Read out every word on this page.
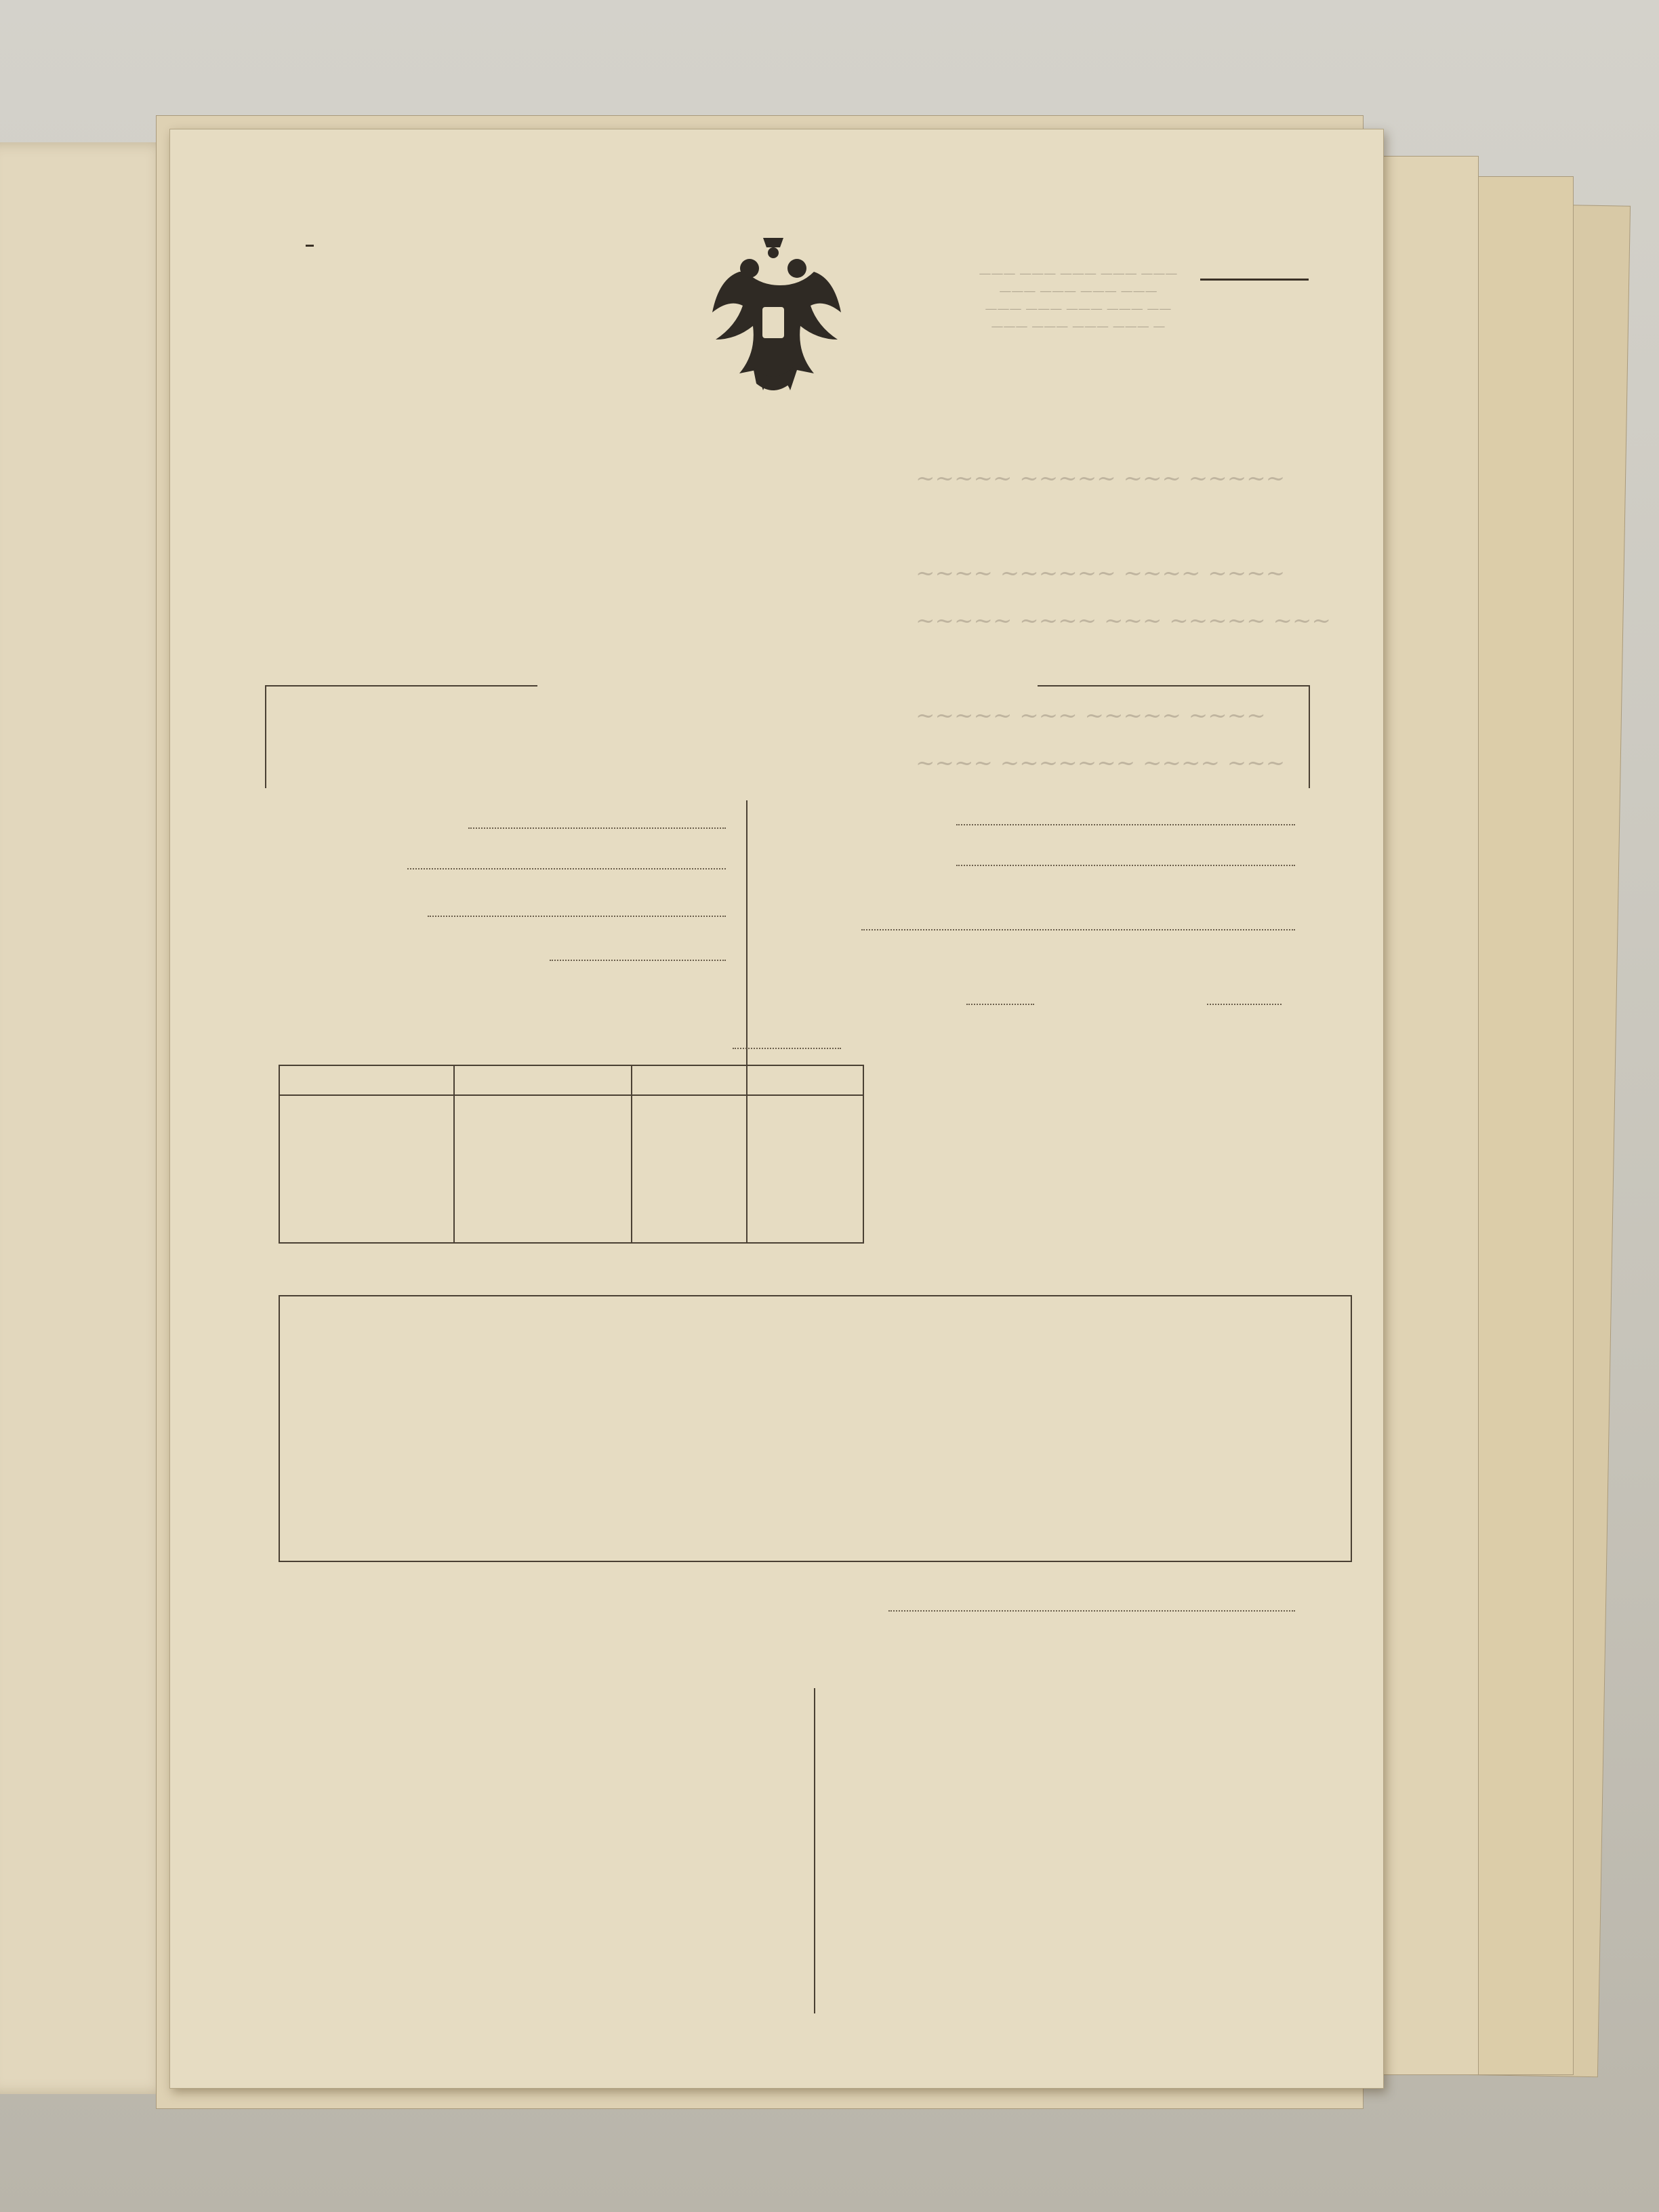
~~~~~ ~~~~~ ~~~ ~~~~~

~~~~ ~~~~~~ ~~~~ ~~~~
~~~~~ ~~~~ ~~~ ~~~~~ ~~~

~~~~~ ~~~ ~~~~~ ~~~~
~~~~ ~~~~~~~ ~~~~ ~~~
——— ——— ——— ——— ———
——— ——— ——— ———
——— ——— ——— ——— ——
——— ——— ——— ——— —
